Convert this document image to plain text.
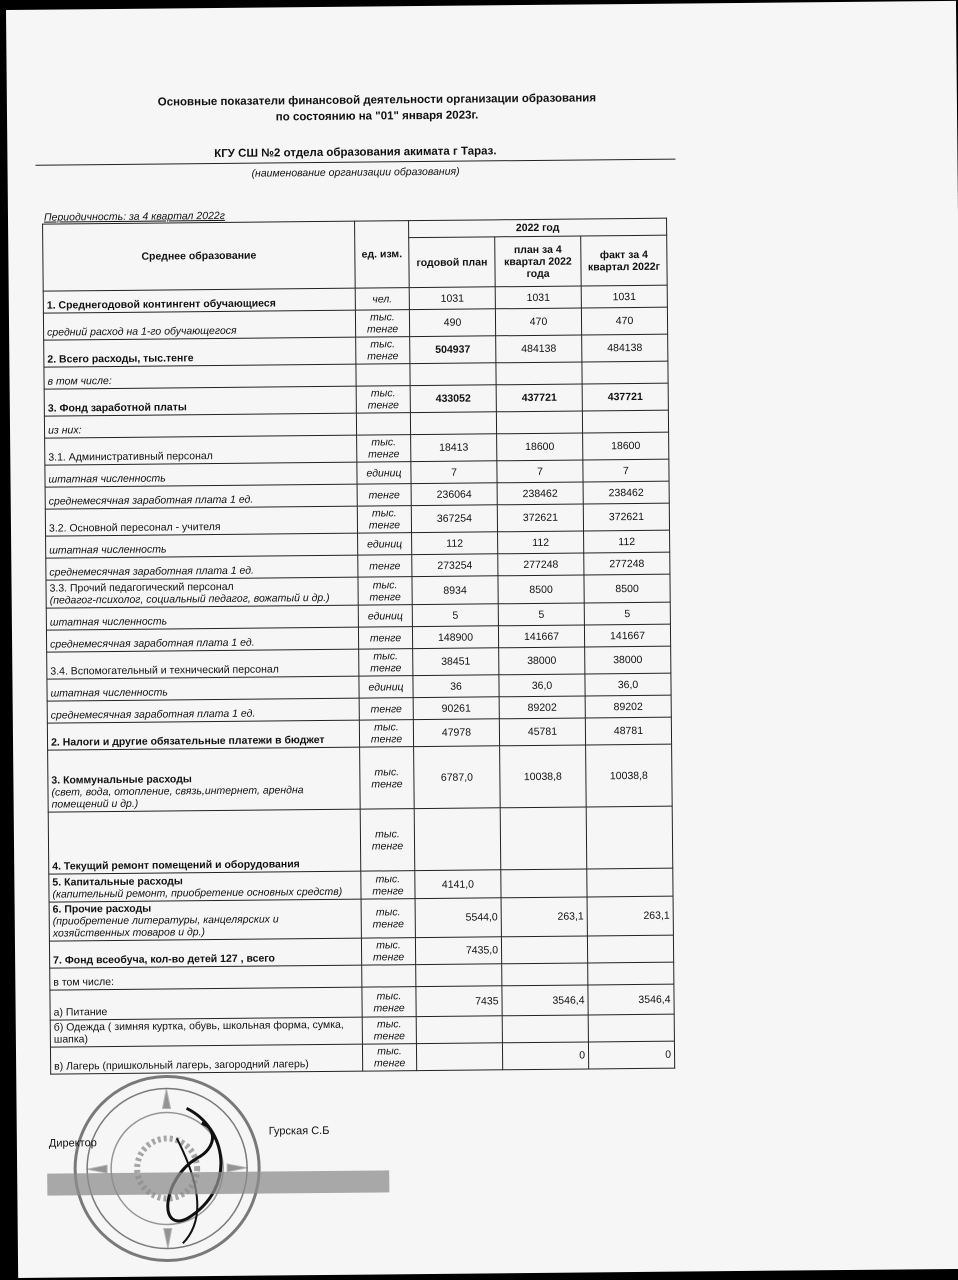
Основные показатели финансовой деятельности организации образования
по состоянию на "01" января 2023г.
КГУ СШ №2 отдела образования акимата г Тараз.
(наименование организации образования)
Периодичность: за 4 квартал 2022г
Среднее образование	ед. изм.	2022 год		
		годовой план	план за 4 квартал 2022 года	факт за 4 квартал 2022г
1. Среднегодовой контингент обучающиеся	чел.	1031	1031	1031
средний расход на 1-го обучающегося	тыс. тенге	490	470	470
2. Всего расходы, тыс.тенге	тыс. тенге	504937	484138	484138
в том числе:				
3. Фонд заработной платы	тыс. тенге	433052	437721	437721
из них:				
3.1. Административный персонал	тыс. тенге	18413	18600	18600
штатная численность	единиц	7	7	7
среднемесячная заработная плата 1 ед.	тенге	236064	238462	238462
3.2. Основной пересонал - учителя	тыс. тенге	367254	372621	372621
штатная численность	единиц	112	112	112
среднемесячная заработная плата 1 ед.	тенге	273254	277248	277248
3.3. Прочий педагогический персонал
(педагог-психолог, социальный педагог, вожатый и др.)	тыс. тенге	8934	8500	8500
штатная численность	единиц	5	5	5
среднемесячная заработная плата 1 ед.	тенге	148900	141667	141667
3.4. Вспомогательный и технический персонал	тыс. тенге	38451	38000	38000
штатная численность	единиц	36	36,0	36,0
среднемесячная заработная плата 1 ед.	тенге	90261	89202	89202
2. Налоги и другие обязательные платежи в бюджет	тыс. тенге	47978	45781	48781
3. Коммунальные расходы
(свет, вода, отопление, связь,интернет, арендна помещений и др.)	тыс. тенге	6787,0	10038,8	10038,8
4. Текущий ремонт помещений и оборудования	тыс. тенге			
5. Капитальные расходы
(капительный ремонт, приобретение основных средств)	тыс. тенге	4141,0		
6. Прочие расходы
(приобретение литературы, канцелярских и хозяйственных товаров и др.)	тыс. тенге	5544,0	263,1	263,1
7. Фонд всеобуча, кол-во детей 127 , всего	тыс. тенге	7435,0		
в том числе:				
а) Питание	тыс. тенге	7435	3546,4	3546,4
б) Одежда ( зимняя куртка, обувь, школьная форма, сумка, шапка)	тыс. тенге			
в) Лагерь (пришкольный лагерь, загородний лагерь)	тыс. тенге		0	0
Директор
Гурская С.Б
